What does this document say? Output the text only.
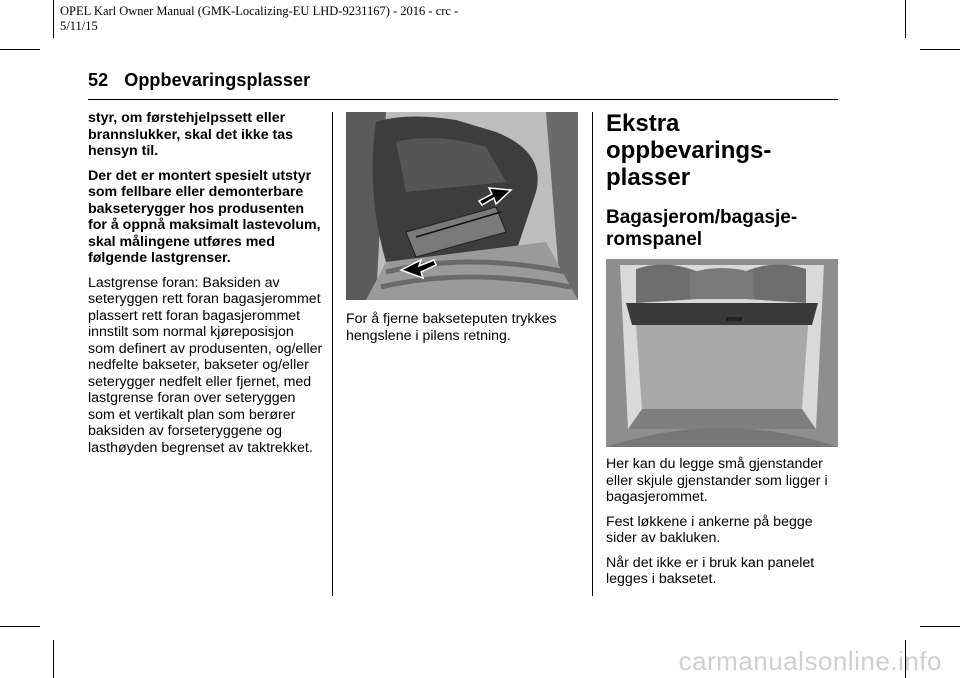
OPEL Karl Owner Manual (GMK-Localizing-EU LHD-9231167) - 2016 - crc -
5/11/15
52 Oppbevaringsplasser

styr, om førstehjelpssett eller brannslukker, skal det ikke tas hensyn til.

Der det er montert spesielt utstyr som fellbare eller demonterbare bakseterygger hos produsenten for å oppnå maksimalt lastevolum, skal målingene utføres med følgende lastgrenser.

Lastgrense foran: Baksiden av seteryggen rett foran bagasjerommet plassert rett foran bagasjerommet innstilt som normal kjøreposisjon som definert av produsenten, og/eller nedfelte bakseter, bakseter og/eller seterygger nedfelt eller fjernet, med lastgrense foran over seteryggen som et vertikalt plan som berører baksiden av forseteryggene og lasthøyden begrenset av taktrekket.

For å fjerne bakseteputen trykkes hengslene i pilens retning.

Ekstra oppbevaringsplasser
Bagasjerom/bagasjeromspanel

Her kan du legge små gjenstander eller skjule gjenstander som ligger i bagasjerommet.

Fest løkkene i ankerne på begge sider av bakluken.

Når det ikke er i bruk kan panelet legges i baksetet.

carmanualsonline.info
